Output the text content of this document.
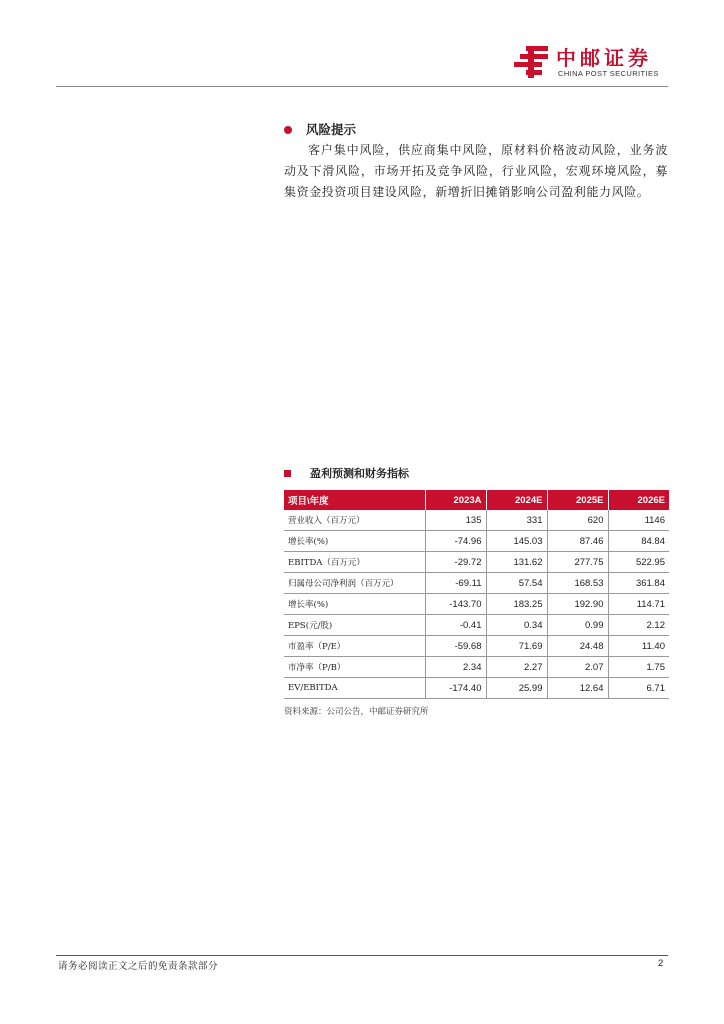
中邮证券
CHINA POST SECURITIES
风险提示
客户集中风险，供应商集中风险，原材料价格波动风险，业务波动及下滑风险，市场开拓及竞争风险，行业风险，宏观环境风险，募集资金投资项目建设风险，新增折旧摊销影响公司盈利能力风险。
盈利预测和财务指标
项目\年度	2023A	2024E	2025E	2026E
营业收入（百万元）	135	331	620	1146
增长率(%)	-74.96	145.03	87.46	84.84
EBITDA（百万元）	-29.72	131.62	277.75	522.95
归属母公司净利润（百万元）	-69.11	57.54	168.53	361.84
增长率(%)	-143.70	183.25	192.90	114.71
EPS(元/股)	-0.41	0.34	0.99	2.12
市盈率（P/E）	-59.68	71.69	24.48	11.40
市净率（P/B）	2.34	2.27	2.07	1.75
EV/EBITDA	-174.40	25.99	12.64	6.71
资料来源：公司公告，中邮证券研究所
请务必阅读正文之后的免责条款部分	2
